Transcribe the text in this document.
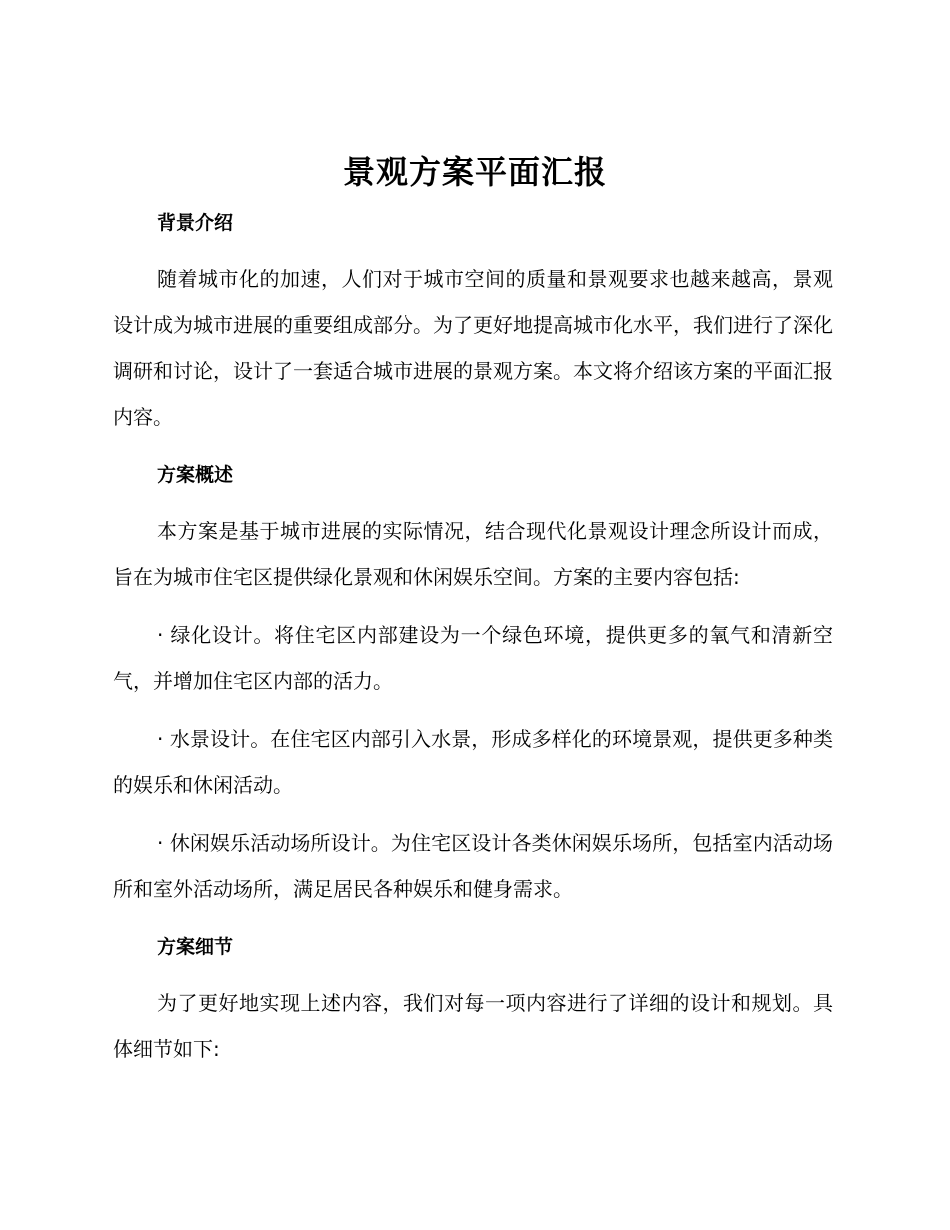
景观方案平面汇报

背景介绍

随着城市化的加速，人们对于城市空间的质量和景观要求也越来越高，景观设计成为城市进展的重要组成部分。为了更好地提高城市化水平，我们进行了深化调研和讨论，设计了一套适合城市进展的景观方案。本文将介绍该方案的平面汇报内容。

方案概述

本方案是基于城市进展的实际情况，结合现代化景观设计理念所设计而成，旨在为城市住宅区提供绿化景观和休闲娱乐空间。方案的主要内容包括:

· 绿化设计。将住宅区内部建设为一个绿色环境，提供更多的氧气和清新空气，并增加住宅区内部的活力。

· 水景设计。在住宅区内部引入水景，形成多样化的环境景观，提供更多种类的娱乐和休闲活动。

· 休闲娱乐活动场所设计。为住宅区设计各类休闲娱乐场所，包括室内活动场所和室外活动场所，满足居民各种娱乐和健身需求。

方案细节

为了更好地实现上述内容，我们对每一项内容进行了详细的设计和规划。具体细节如下:
